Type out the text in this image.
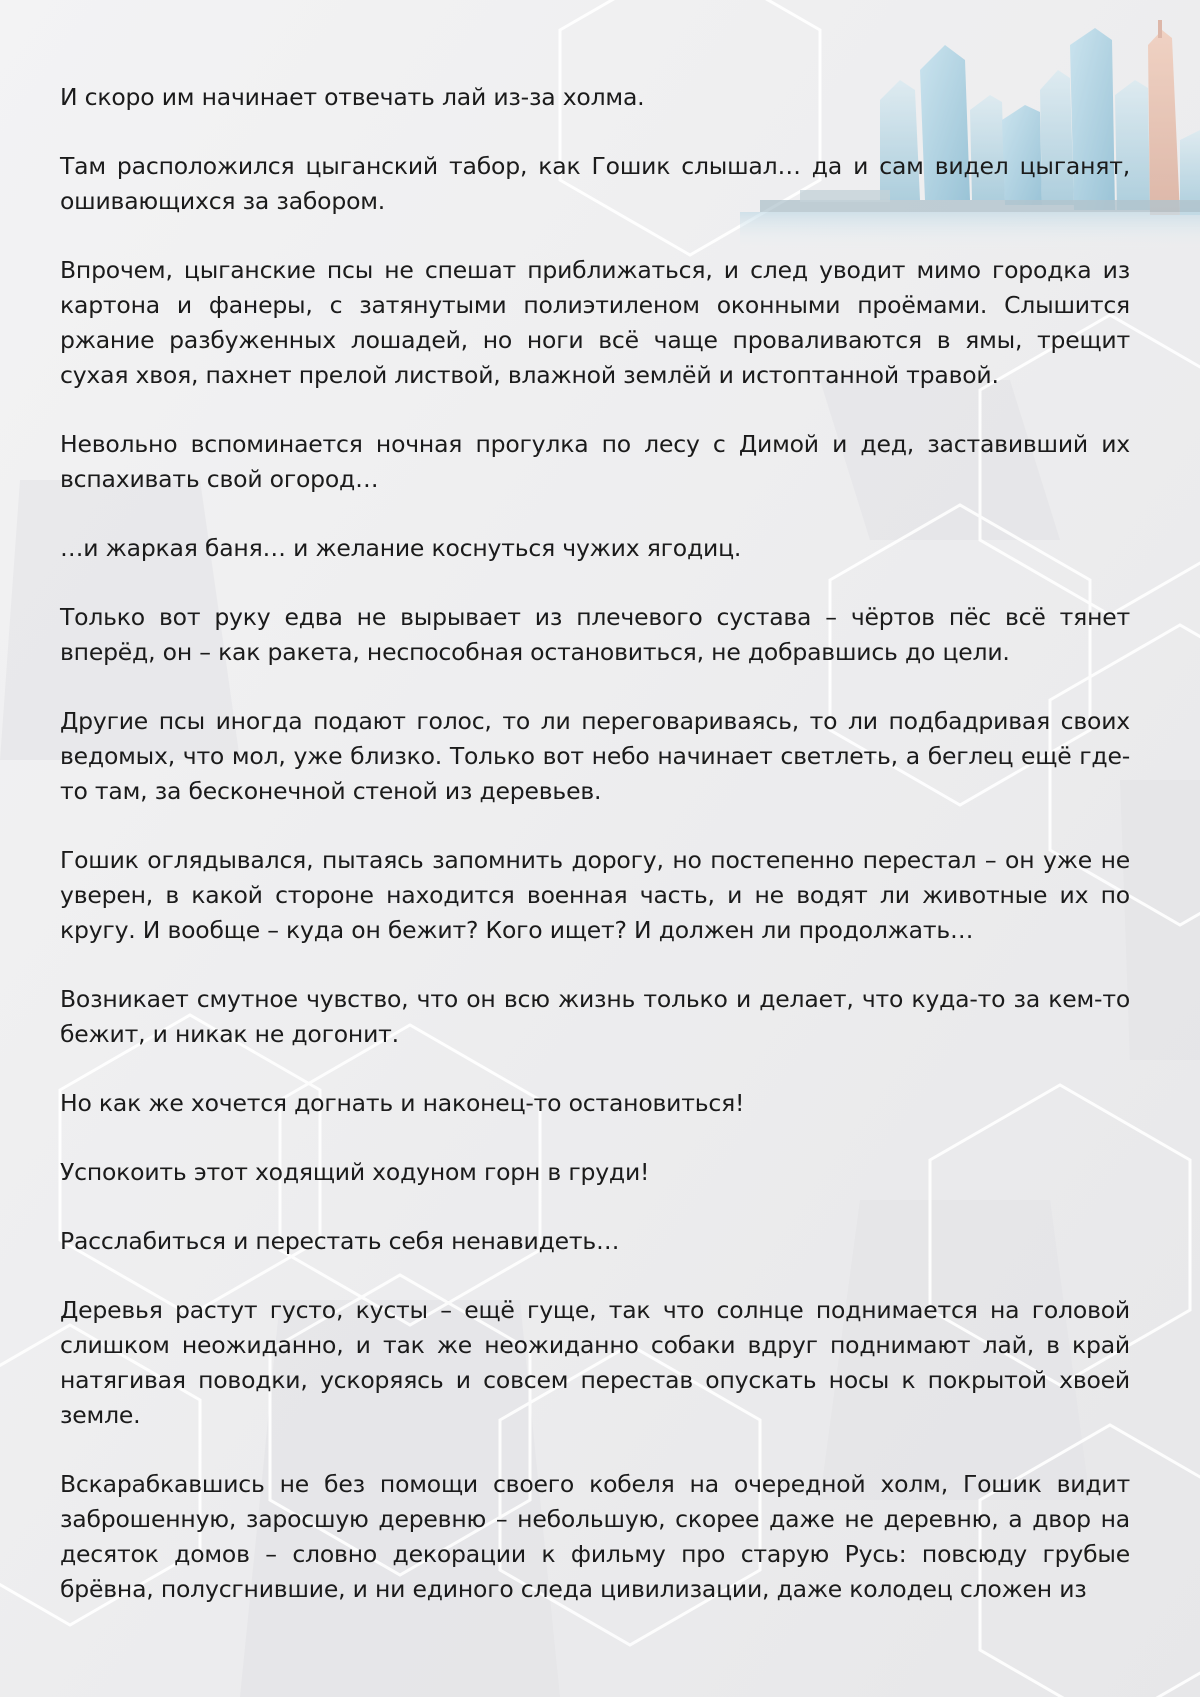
И скоро им начинает отвечать лай из-за холма.

Там расположился цыганский табор, как Гошик слышал… да и сам видел цыганят, ошивающихся за забором.

Впрочем, цыганские псы не спешат приближаться, и след уводит мимо городка из картона и фанеры, с затянутыми полиэтиленом оконными проёмами. Слышится ржание разбуженных лошадей, но ноги всё чаще проваливаются в ямы, трещит сухая хвоя, пахнет прелой листвой, влажной землёй и истоптанной травой.

Невольно вспоминается ночная прогулка по лесу с Димой и дед, заставивший их вспахивать свой огород…

…и жаркая баня… и желание коснуться чужих ягодиц.

Только вот руку едва не вырывает из плечевого сустава – чёртов пёс всё тянет вперёд, он – как ракета, неспособная остановиться, не добравшись до цели.

Другие псы иногда подают голос, то ли переговариваясь, то ли подбадривая своих ведомых, что мол, уже близко. Только вот небо начинает светлеть, а беглец ещё где-то там, за бесконечной стеной из деревьев.

Гошик оглядывался, пытаясь запомнить дорогу, но постепенно перестал – он уже не уверен, в какой стороне находится военная часть, и не водят ли животные их по кругу. И вообще – куда он бежит? Кого ищет? И должен ли продолжать…

Возникает смутное чувство, что он всю жизнь только и делает, что куда-то за кем-то бежит, и никак не догонит.

Но как же хочется догнать и наконец-то остановиться!

Успокоить этот ходящий ходуном горн в груди!

Расслабиться и перестать себя ненавидеть…

Деревья растут густо, кусты – ещё гуще, так что солнце поднимается на головой слишком неожиданно, и так же неожиданно собаки вдруг поднимают лай, в край натягивая поводки, ускоряясь и совсем перестав опускать носы к покрытой хвоей земле.

Вскарабкавшись не без помощи своего кобеля на очередной холм, Гошик видит заброшенную, заросшую деревню – небольшую, скорее даже не деревню, а двор на десяток домов – словно декорации к фильму про старую Русь: повсюду грубые брёвна, полусгнившие, и ни единого следа цивилизации, даже колодец сложен из
